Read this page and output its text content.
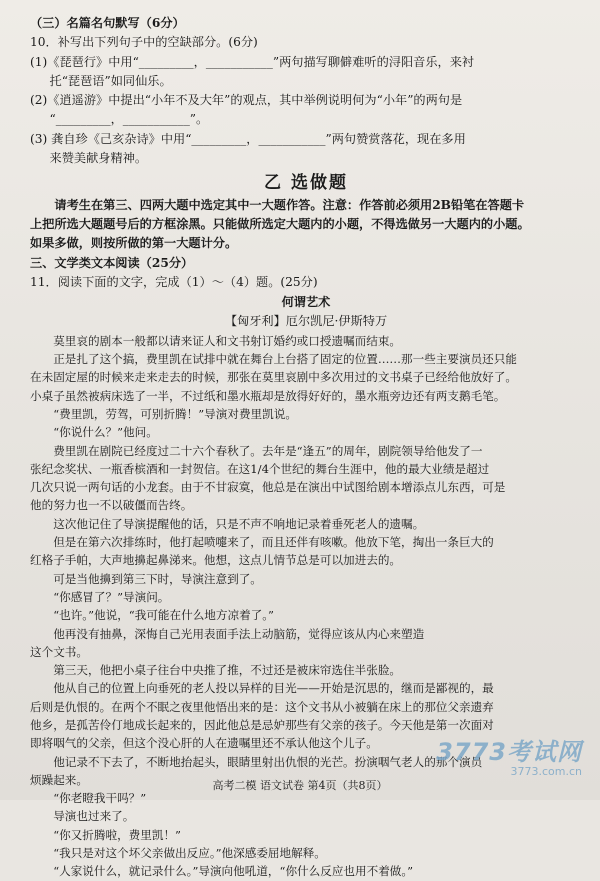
（三）名篇名句默写（6分）
10．补写出下列句子中的空缺部分。(6分)
(1)《琵琶行》中用“_________，___________”两句描写聊僻难听的浔阳音乐，来衬
托“琵琶语”如同仙乐。
(2)《逍遥游》中提出“小年不及大年”的观点，其中举例说明何为“小年”的两句是
“_________，___________”。
(3) 龚自珍《己亥杂诗》中用“_________，___________”两句赞赏落花，现在多用
来赞美献身精神。
乙 选做题
请考生在第三、四两大题中选定其中一大题作答。注意：作答前必须用2B铅笔在答题卡
上把所选大题题号后的方框涂黑。只能做所选定大题内的小题，不得选做另一大题内的小题。
如果多做，则按所做的第一大题计分。
三、文学类文本阅读（25分）
11．阅读下面的文字，完成（1）～（4）题。(25分)
何谓艺术
【匈牙利】厄尔凯尼·伊斯特万
莫里哀的剧本一般都以请来证人和文书射订婚约或口授遗嘱而结束。
正是扎了这个搞，费里凯在试排中就在舞台上台搭了固定的位置……那一些主要演员还只能
在未固定屋的时候来走来走去的时候，那张在莫里哀剧中多次用过的文书桌子已经给他放好了。
小桌子虽然被病床选了一半，不过纸和墨水瓶却是放得好好的，墨水瓶旁边还有两支鹅毛笔。
“费里凯，劳驾，可别折腾！”导演对费里凯说。
“你说什么？”他问。
费里凯在剧院已经度过二十六个春秋了。去年是“逢五”的周年，剧院领导给他发了一
张纪念奖状、一瓶香槟酒和一封贺信。在这1/4个世纪的舞台生涯中，他的最大业绩是超过
几次只说一两句话的小龙套。由于不甘寂寞，他总是在演出中试图给剧本增添点儿东西，可是
他的努力也一不以破僵而告终。
这次他记住了导演提醒他的话，只是不声不响地记录着垂死老人的遗嘱。
但是在第六次排练时，他打起喷嚏来了，而且还伴有咳嗽。他放下笔，掏出一条巨大的
红格子手帕，大声地擤起鼻涕来。他想，这点儿情节总是可以加进去的。
可是当他擤到第三下时，导演注意到了。
“你感冒了？”导演问。
“也许。”他说，“我可能在什么地方凉着了。”
他再没有抽鼻，深悔自己光用表面手法上动脑筋，觉得应该从内心来塑造
这个文书。
第三天，他把小桌子往台中央推了推，不过还是被床帘选住半张脸。
他从自己的位置上向垂死的老人投以异样的目光——开始是沉思的，继而是鄙视的，最
后则是仇恨的。在两个不眠之夜里他悟出来的是：这个文书从小被躺在床上的那位父亲遗弃
他乡，是孤苦伶仃地成长起来的，因此他总是忌妒那些有父亲的孩子。今天他是第一次面对
即将咽气的父亲，但这个没心肝的人在遗嘱里还不承认他这个儿子。
他记录不下去了，不断地抬起头，眼睛里射出仇恨的光芒。扮演咽气老人的那个演员
烦躁起来。
“你老瞪我干吗？”
导演也过来了。
“你又折腾啦，费里凯！”
“我只是对这个坏父亲做出反应。”他深感委屈地解释。
“人家说什么，就记录什么。”导演向他吼道，“你什么反应也用不着做。”
3773考试网
3773.com.cn
高考二模 语文试卷 第4页（共8页）
